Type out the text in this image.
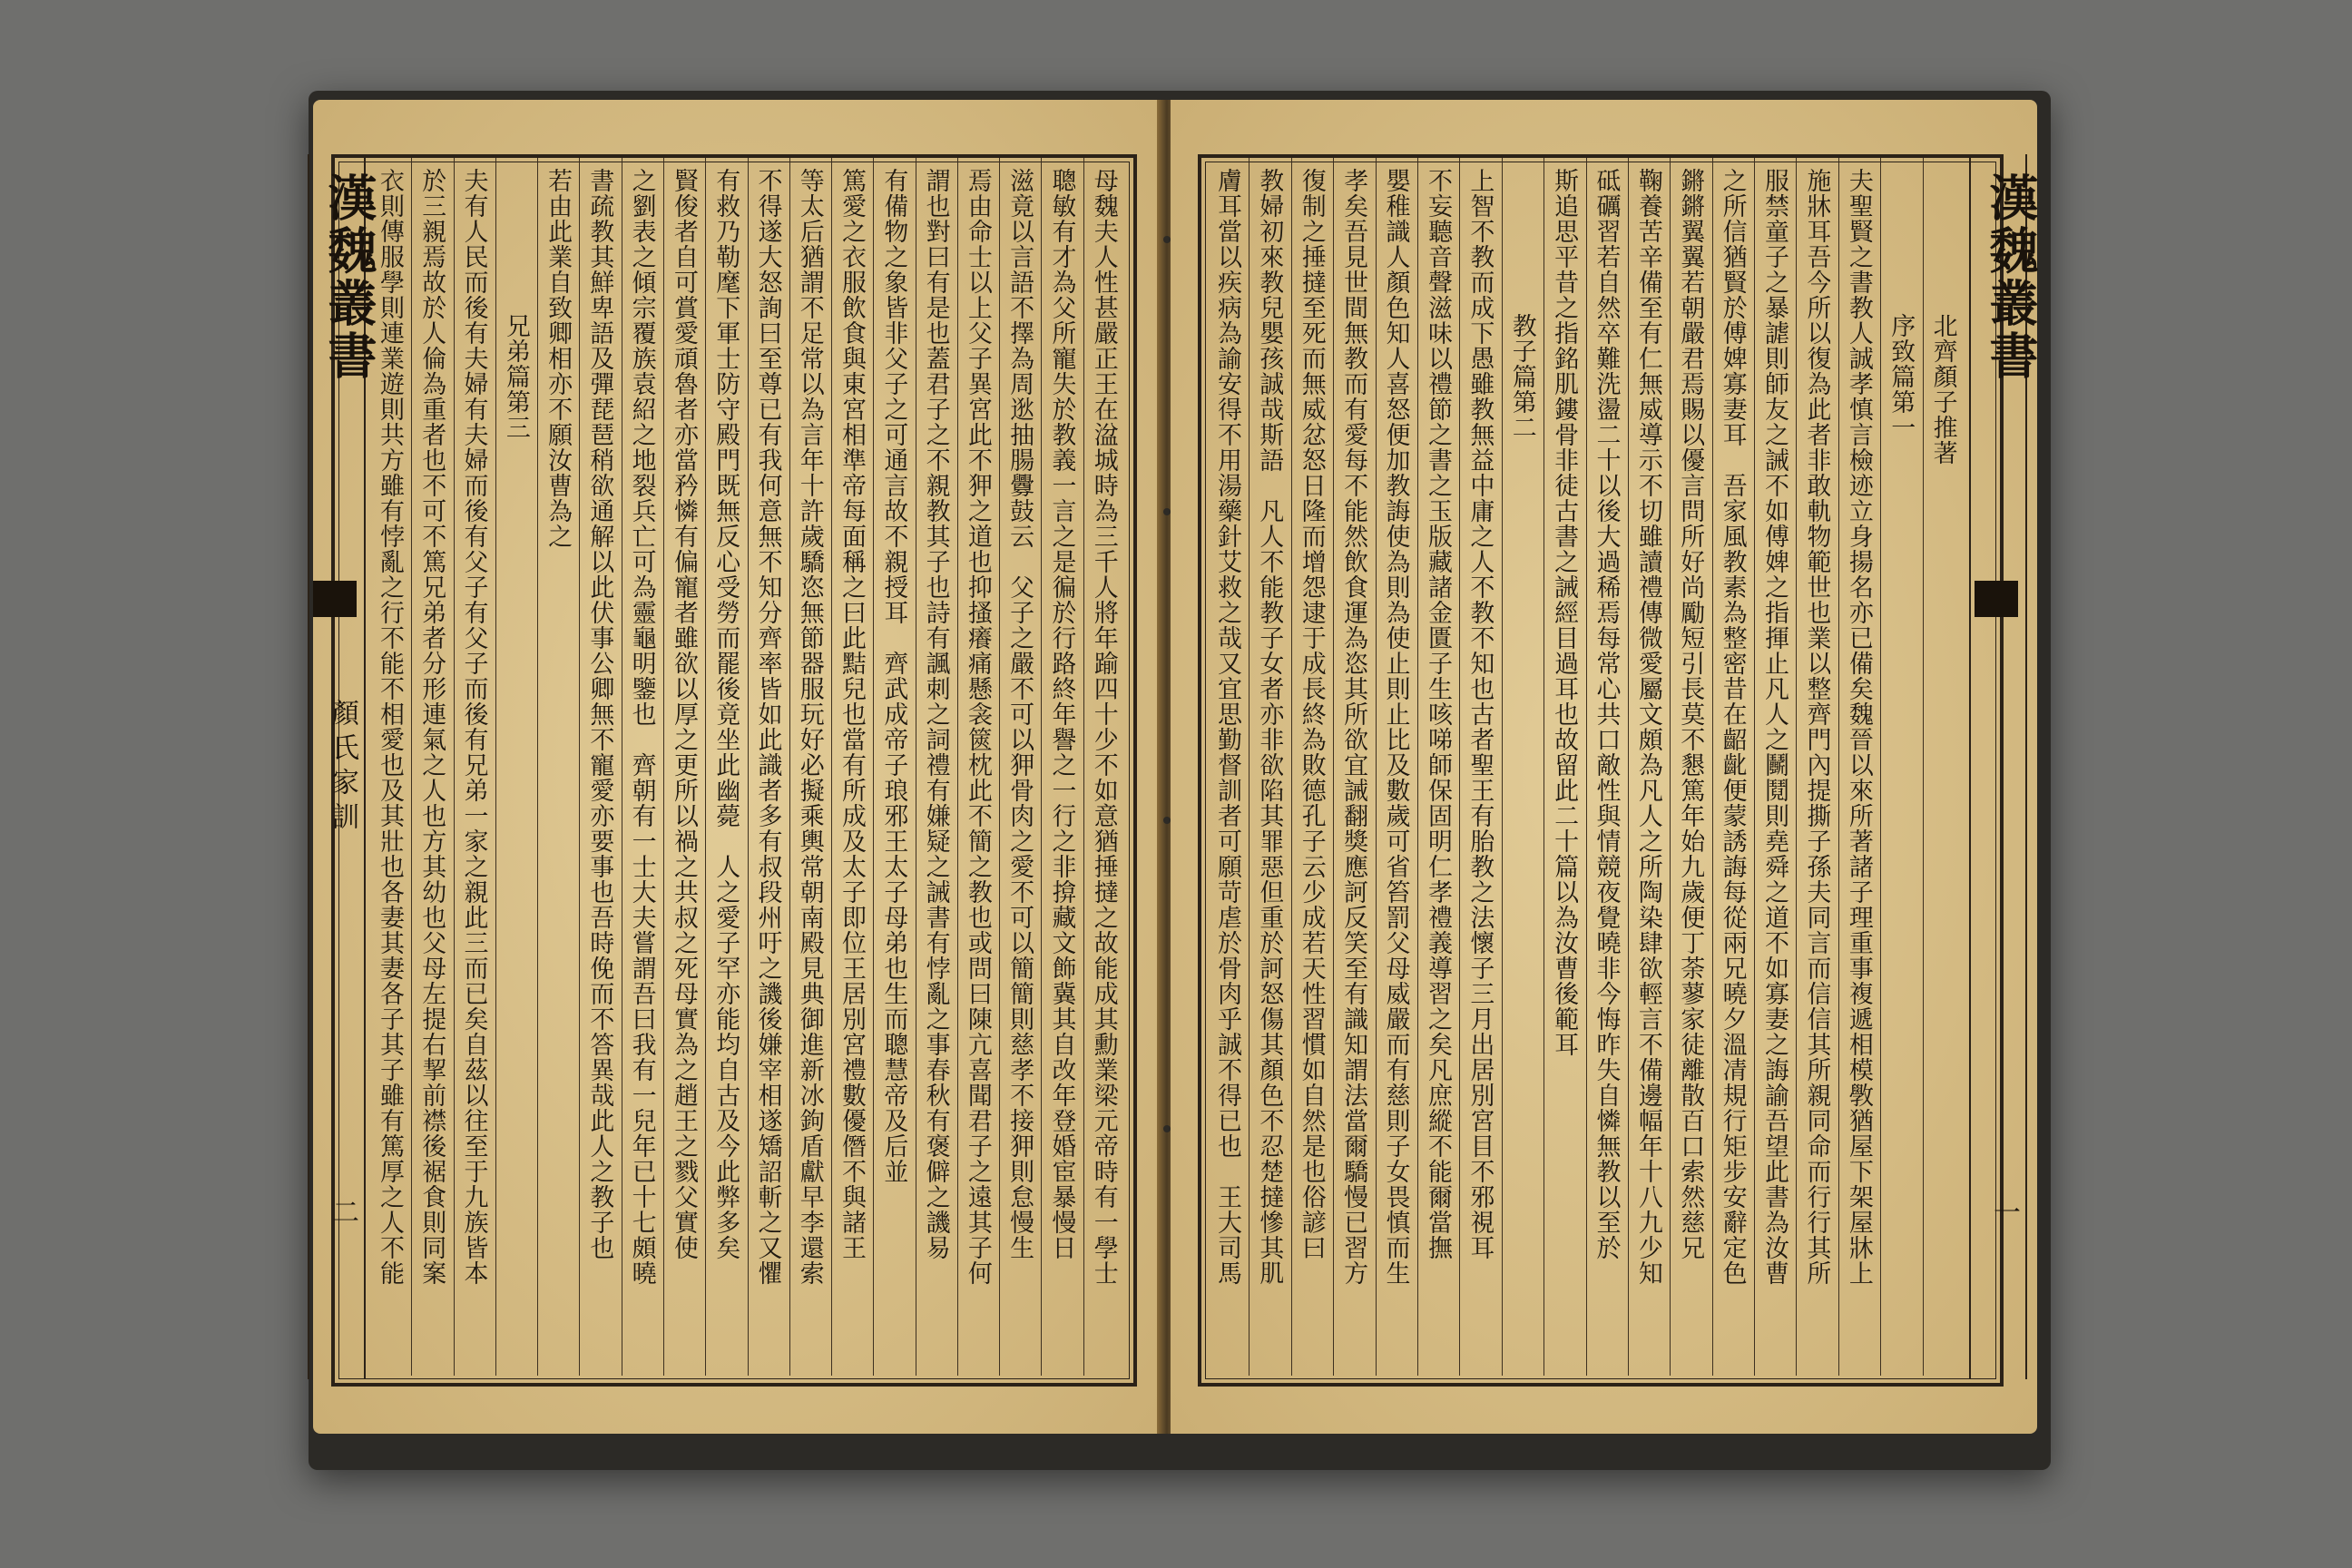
漢魏叢書
顏氏家訓
二	母魏夫人性甚嚴正王在湓城時為三千人將年踰四十少不如意猶捶撻之故能成其勳業梁元帝時有一學士
聰敏有才為父所寵失於教義一言之是徧於行路終年譽之一行之非揜藏文飾冀其自改年登婚宦暴慢日
滋竟以言語不擇為周逖抽腸釁鼓云　父子之嚴不可以狎骨肉之愛不可以簡簡則慈孝不接狎則怠慢生
焉由命士以上父子異宮此不狎之道也抑搔癢痛懸衾篋枕此不簡之教也或問曰陳亢喜聞君子之遠其子何
謂也對曰有是也蓋君子之不親教其子也詩有諷刺之詞禮有嫌疑之誡書有悖亂之事春秋有褒僻之譏易
有備物之象皆非父子之可通言故不親授耳　齊武成帝子琅邪王太子母弟也生而聰慧帝及后並
篤愛之衣服飲食與東宮相準帝每面稱之曰此黠兒也當有所成及太子即位王居別宮禮數優僭不與諸王
等太后猶謂不足常以為言年十許歲驕恣無節器服玩好必擬乘輿常朝南殿見典御進新冰鉤盾獻早李還索
不得遂大怒詢曰至尊已有我何意無不知分齊率皆如此識者多有叔段州吁之譏後嫌宰相遂矯詔斬之又懼
有救乃勒麾下軍士防守殿門既無反心受勞而罷後竟坐此幽薨　人之愛子罕亦能均自古及今此弊多矣
賢俊者自可賞愛頑魯者亦當矜憐有偏寵者雖欲以厚之更所以禍之共叔之死母實為之趙王之戮父實使
之劉表之傾宗覆族袁紹之地裂兵亡可為靈龜明鑒也　齊朝有一士大夫嘗謂吾曰我有一兒年已十七頗曉
書疏教其鮮卑語及彈琵琶稍欲通解以此伏事公卿無不寵愛亦要事也吾時俛而不答異哉此人之教子也
若由此業自致卿相亦不願汝曹為之
兄弟篇第三
夫有人民而後有夫婦有夫婦而後有父子有父子而後有兄弟一家之親此三而已矣自茲以往至于九族皆本
於三親焉故於人倫為重者也不可不篤兄弟者分形連氣之人也方其幼也父母左提右挈前襟後裾食則同案
衣則傳服學則連業遊則共方雖有悖亂之行不能不相愛也及其壯也各妻其妻各子其子雖有篤厚之人不能	漢魏叢書
一
北齊顏子推著
序致篇第一
夫聖賢之書教人誠孝慎言檢迹立身揚名亦已備矣魏晉以來所著諸子理重事複遞相模斆猶屋下架屋牀上
施牀耳吾今所以復為此者非敢軌物範世也業以整齊門內提撕子孫夫同言而信信其所親同命而行行其所
服禁童子之暴謔則師友之誡不如傅婢之指揮止凡人之鬭鬩則堯舜之道不如寡妻之誨諭吾望此書為汝曹
之所信猶賢於傅婢寡妻耳　吾家風教素為整密昔在齠齔便蒙誘誨每從兩兄曉夕溫凊規行矩步安辭定色
鏘鏘翼翼若朝嚴君焉賜以優言問所好尚勵短引長莫不懇篤年始九歲便丁荼蓼家徒離散百口索然慈兄
鞠養苦辛備至有仁無威導示不切雖讀禮傳微愛屬文頗為凡人之所陶染肆欲輕言不備邊幅年十八九少知
砥礪習若自然卒難洗盪二十以後大過稀焉每常心共口敵性與情競夜覺曉非今悔昨失自憐無教以至於
斯追思平昔之指銘肌鏤骨非徒古書之誡經目過耳也故留此二十篇以為汝曹後範耳
教子篇第二
上智不教而成下愚雖教無益中庸之人不教不知也古者聖王有胎教之法懷子三月出居別宮目不邪視耳
不妄聽音聲滋味以禮節之書之玉版藏諸金匱子生咳㖒師保固明仁孝禮義導習之矣凡庶縱不能爾當撫
嬰稚識人顏色知人喜怒便加教誨使為則為使止則止比及數歲可省笞罰父母威嚴而有慈則子女畏慎而生
孝矣吾見世間無教而有愛每不能然飲食運為恣其所欲宜誡翻獎應訶反笑至有識知謂法當爾驕慢已習方
復制之捶撻至死而無威忿怒日隆而增怨逮于成長終為敗德孔子云少成若天性習慣如自然是也俗諺曰
教婦初來教兒嬰孩誠哉斯語　凡人不能教子女者亦非欲陷其罪惡但重於訶怒傷其顏色不忍楚撻慘其肌
膚耳當以疾病為諭安得不用湯藥針艾救之哉又宜思勤督訓者可願苛虐於骨肉乎誠不得已也　王大司馬
